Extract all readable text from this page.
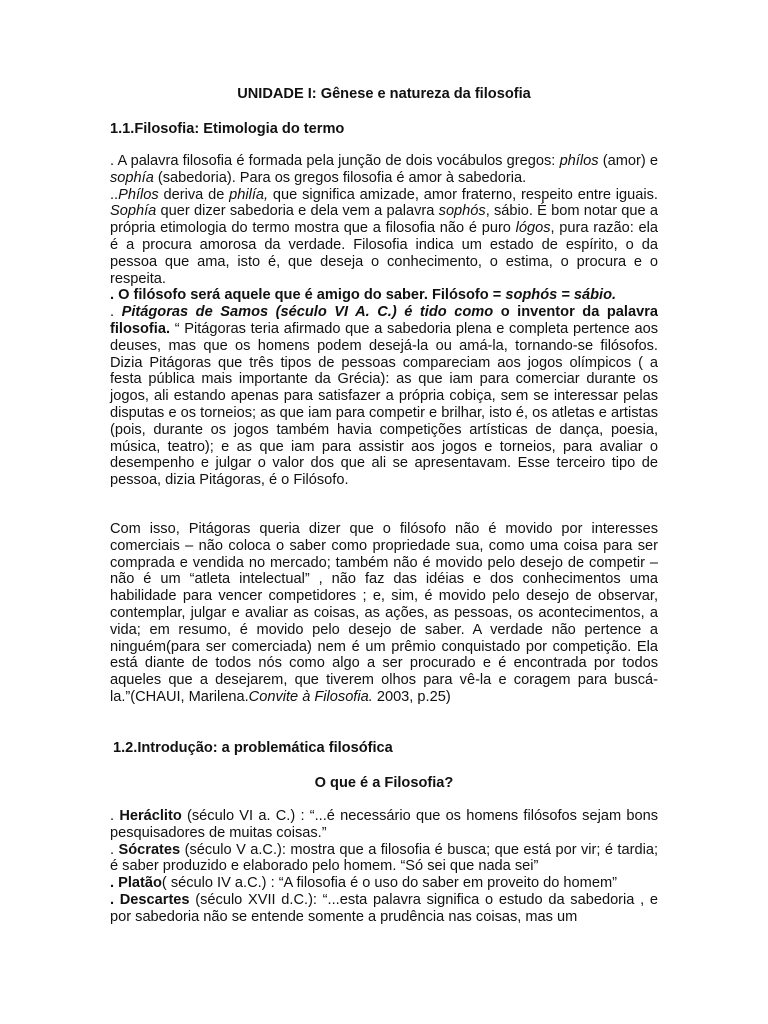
UNIDADE I: Gênese e natureza da filosofia
1.1.Filosofia: Etimologia do termo

. A palavra filosofia é formada pela junção de dois vocábulos gregos: phílos (amor) e sophía (sabedoria). Para os gregos filosofia é amor à sabedoria.

..Phílos deriva de philía, que significa amizade, amor fraterno, respeito entre iguais. Sophía quer dizer sabedoria e dela vem a palavra sophós, sábio. É bom notar que a própria etimologia do termo mostra que a filosofia não é puro lógos, pura razão: ela é a procura amorosa da verdade. Filosofia indica um estado de espírito, o da pessoa que ama, isto é, que deseja o conhecimento, o estima, o procura e o respeita.

. O filósofo será aquele que é amigo do saber. Filósofo = sophós = sábio.

. Pitágoras de Samos (século VI A. C.) é tido como o inventor da palavra filosofia. “ Pitágoras teria afirmado que a sabedoria plena e completa pertence aos deuses, mas que os homens podem desejá-la ou amá-la, tornando-se filósofos. Dizia Pitágoras que três tipos de pessoas compareciam aos jogos olímpicos ( a festa pública mais importante da Grécia): as que iam para comerciar durante os jogos, ali estando apenas para satisfazer a própria cobiça, sem se interessar pelas disputas e os torneios; as que iam para competir e brilhar, isto é, os atletas e artistas (pois, durante os jogos também havia competições artísticas de dança, poesia, música, teatro); e as que iam para assistir aos jogos e torneios, para avaliar o desempenho e julgar o valor dos que ali se apresentavam. Esse terceiro tipo de pessoa, dizia Pitágoras, é o Filósofo.

Com isso, Pitágoras queria dizer que o filósofo não é movido por interesses comerciais – não coloca o saber como propriedade sua, como uma coisa para ser comprada e vendida no mercado; também não é movido pelo desejo de competir – não é um “atleta intelectual” , não faz das idéias e dos conhecimentos uma habilidade para vencer competidores ; e, sim, é movido pelo desejo de observar, contemplar, julgar e avaliar as coisas, as ações, as pessoas, os acontecimentos, a vida; em resumo, é movido pelo desejo de saber. A verdade não pertence a ninguém(para ser comerciada) nem é um prêmio conquistado por competição. Ela está diante de todos nós como algo a ser procurado e é encontrada por todos aqueles que a desejarem, que tiverem olhos para vê-la e coragem para buscá-la.”(CHAUI, Marilena.Convite à Filosofia. 2003, p.25)

1.2.Introdução: a problemática filosófica
O que é a Filosofia?

. Heráclito (século VI a. C.) : “...é necessário que os homens filósofos sejam bons pesquisadores de muitas coisas.”

. Sócrates (século V a.C.): mostra que a filosofia é busca; que está por vir; é tardia; é saber produzido e elaborado pelo homem. “Só sei que nada sei”

. Platão( século IV a.C.) : “A filosofia é o uso do saber em proveito do homem”

. Descartes (século XVII d.C.): “...esta palavra significa o estudo da sabedoria , e por sabedoria não se entende somente a prudência nas coisas, mas um
